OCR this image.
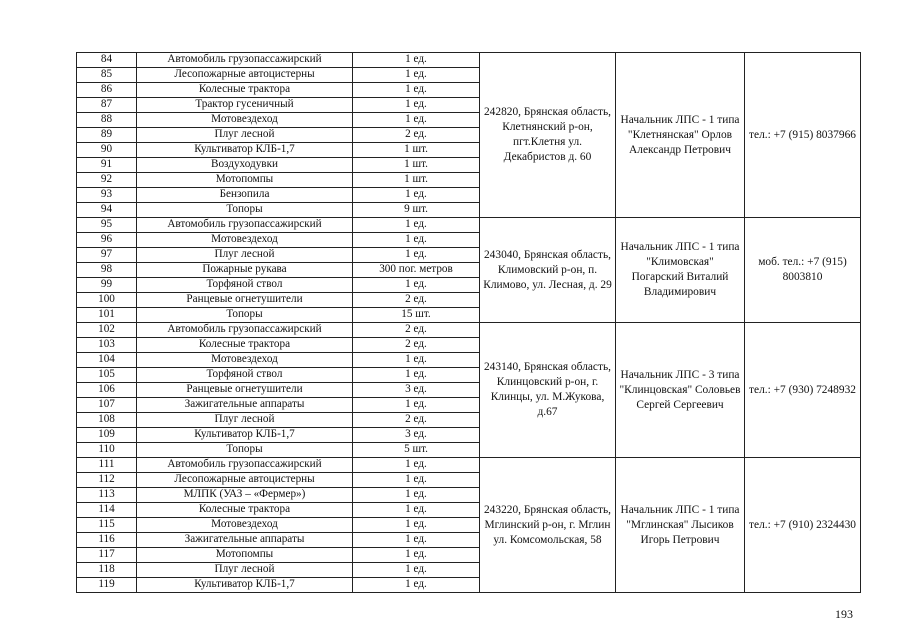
84	Автомобиль грузопассажирский	1 ед.	242820, Брянская область, Клетнянский р-он, пгт.Клетня ул. Декабристов д. 60	Начальник ЛПС - 1 типа "Клетнянская" Орлов Александр Петрович	тел.: +7 (915) 8037966
85	Лесопожарные автоцистерны	1 ед.			
86	Колесные трактора	1 ед.			
87	Трактор гусеничный	1 ед.			
88	Мотовездеход	1 ед.			
89	Плуг лесной	2 ед.			
90	Культиватор КЛБ-1,7	1 шт.			
91	Воздуходувки	1 шт.			
92	Мотопомпы	1 шт.			
93	Бензопила	1 ед.			
94	Топоры	9 шт.			
95	Автомобиль грузопассажирский	1 ед.	243040, Брянская область, Климовский р-он, п. Климово, ул. Лесная, д. 29	Начальник ЛПС - 1 типа "Климовская" Погарский Виталий Владимирович	моб. тел.: +7 (915) 8003810
96	Мотовездеход	1 ед.			
97	Плуг лесной	1 ед.			
98	Пожарные рукава	300 пог. метров			
99	Торфяной ствол	1 ед.			
100	Ранцевые огнетушители	2 ед.			
101	Топоры	15 шт.			
102	Автомобиль грузопассажирский	2 ед.	243140, Брянская область, Клинцовский р-он, г. Клинцы, ул. М.Жукова, д.67	Начальник ЛПС - 3 типа "Клинцовская" Соловьев Сергей Сергеевич	тел.: +7 (930) 7248932
103	Колесные трактора	2 ед.			
104	Мотовездеход	1 ед.			
105	Торфяной ствол	1 ед.			
106	Ранцевые огнетушители	3 ед.			
107	Зажигательные аппараты	1 ед.			
108	Плуг лесной	2 ед.			
109	Культиватор КЛБ-1,7	3 ед.			
110	Топоры	5 шт.			
111	Автомобиль грузопассажирский	1 ед.	243220, Брянская область, Мглинский р-он, г. Мглин ул. Комсомольская, 58	Начальник ЛПС - 1 типа "Мглинская" Лысиков Игорь Петрович	тел.: +7 (910) 2324430
112	Лесопожарные автоцистерны	1 ед.			
113	МЛПК (УАЗ – «Фермер»)	1 ед.			
114	Колесные трактора	1 ед.			
115	Мотовездеход	1 ед.			
116	Зажигательные аппараты	1 ед.			
117	Мотопомпы	1 ед.			
118	Плуг лесной	1 ед.			
119	Культиватор КЛБ-1,7	1 ед.			
193
